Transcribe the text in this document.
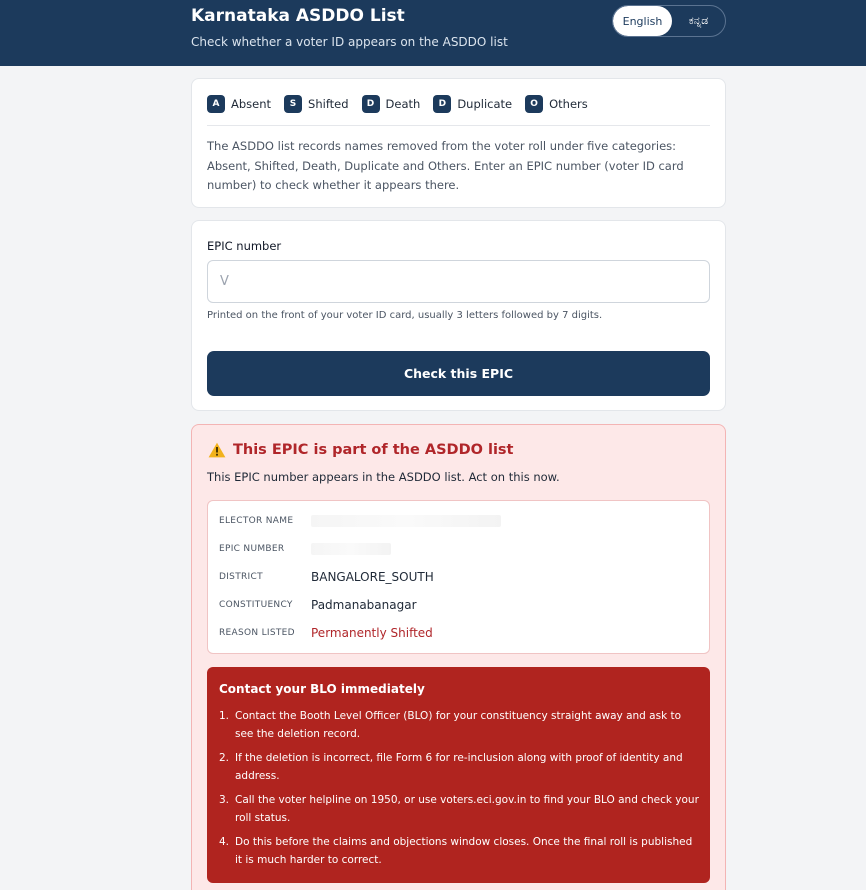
Karnataka ASDDO List
Check whether a voter ID appears on the ASDDO list
English	ಕನ್ನಡ
A	Absent	S	Shifted	D Death	D Duplicate	O Others

The ASDDO list records names removed from the voter roll under five categories: Absent, Shifted, Death, Duplicate and Others. Enter an EPIC number (voter ID card number) to check whether it appears there.

EPIC number
V
Printed on the front of your voter ID card, usually 3 letters followed by 7 digits.
Check this EPIC
This EPIC is part of the ASDDO list
This EPIC number appears in the ASDDO list. Act on this now.
ELECTOR NAME
EPIC NUMBER
DISTRICT	BANGALORE_SOUTH
CONSTITUENCY	Padmanabanagar
REASON LISTED	Permanently Shifted
Contact your BLO immediately
1. Contact the Booth Level Officer (BLO) for your constituency straight away and ask to see the deletion record.
2. If the deletion is incorrect, file Form 6 for re-inclusion along with proof of identity and address.
3. Call the voter helpline on 1950, or use voters.eci.gov.in to find your BLO and check your roll status.
4. Do this before the claims and objections window closes. Once the final roll is published it is much harder to correct.
